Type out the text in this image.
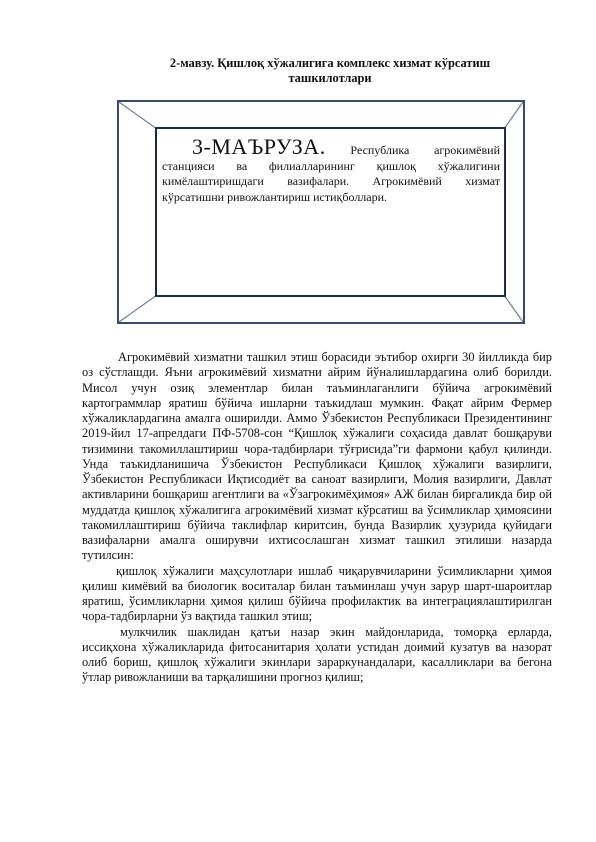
2-мавзу. Қишлоқ хўжалигига комплекс хизмат кўрсатиш
ташкилотлари

3-МАЪРУЗА. Республика агрокимёвий станцияси ва филиалларининг қишлоқ хўжалигини кимёлаштиришдаги вазифалари. Агрокимёвий хизмат кўрсатишни ривожлантириш истиқболлари.

Агрокимёвий хизматни ташкил этиш борасиди эътибор охирги 30 йилликда бир оз сўстлашди. Яъни агрокимёвий хизматни айрим йўналишлардагина олиб борилди. Мисол учун озиқ элементлар билан таъминлаганлиги бўйича агрокимёвий картограммлар яратиш бўйича ишларни таъкидлаш мумкин. Фақат айрим Фермер хўжаликлардагина амалга оширилди. Аммо Ўзбекистон Республикаси Президентининг 2019-йил 17-апрелдаги ПФ-5708-сон “Қишлоқ хўжалиги соҳасида давлат бошқаруви тизимини такомиллаштириш чора-тадбирлари тўғрисида”ги фармони қабул қилинди. Унда таъкидланишича Ўзбекистон Республикаси Қишлоқ хўжалиги вазирлиги, Ўзбекистон Республикаси Иқтисодиёт ва саноат вазирлиги, Молия вазирлиги, Давлат активларини бошқариш агентлиги ва «Ўзагрокимёҳимоя» АЖ билан биргаликда бир ой муддатда қишлоқ хўжалигига агрокимёвий хизмат кўрсатиш ва ўсимликлар ҳимоясини такомиллаштириш бўйича таклифлар киритсин, бунда Вазирлик ҳузурида қуйидаги вазифаларни амалга оширувчи ихтисослашган хизмат ташкил этилиши назарда тутилсин:

қишлоқ хўжалиги маҳсулотлари ишлаб чиқарувчиларини ўсимликларни ҳимоя қилиш кимёвий ва биологик воситалар билан таъминлаш учун зарур шарт-шароитлар яратиш, ўсимликларни ҳимоя қилиш бўйича профилактик ва интеграциялаштирилган чора-тадбирларни ўз вақтида ташкил этиш;

мулкчилик шаклидан қатъи назар экин майдонларида, томорқа ерларда, иссиқхона хўжаликларида фитосанитария ҳолати устидан доимий кузатув ва назорат олиб бориш, қишлоқ хўжалиги экинлари зараркунандалари, касалликлари ва бегона ўтлар ривожланиши ва тарқалишини прогноз қилиш;
